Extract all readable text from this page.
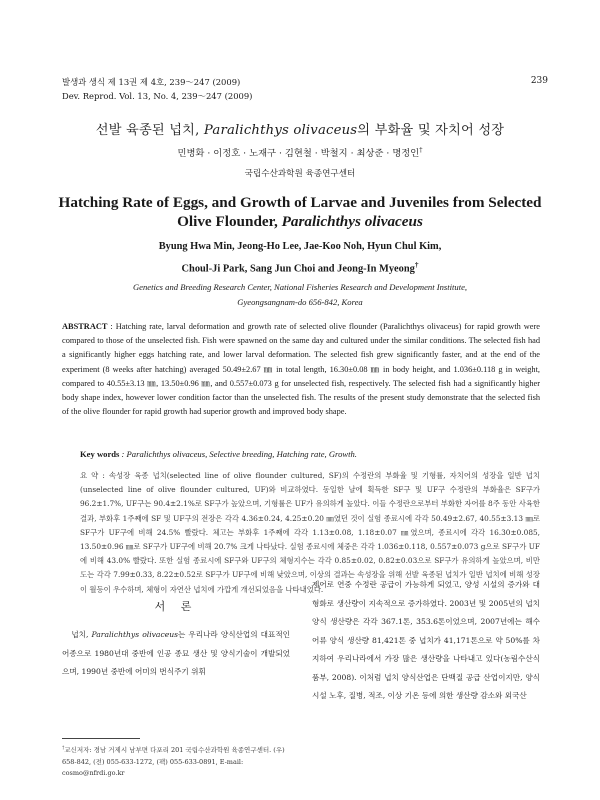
발생과 생식 제 13권 제 4호, 239～247 (2009)
Dev. Reprod. Vol. 13, No. 4, 239～247 (2009)
239
선발 육종된 넙치, Paralichthys olivaceus의 부화율 및 자치어 성장
민병화 · 이정호 · 노재구 · 김현철 · 박철지 · 최상준 · 명정인†
국립수산과학원 육종연구센터
Hatching Rate of Eggs, and Growth of Larvae and Juveniles from Selected
Olive Flounder, Paralichthys olivaceus
Byung Hwa Min, Jeong-Ho Lee, Jae-Koo Noh, Hyun Chul Kim,
Choul-Ji Park, Sang Jun Choi and Jeong-In Myeong†
Genetics and Breeding Research Center, National Fisheries Research and Development Institute,
Gyeongsangnam-do 656-842, Korea
ABSTRACT : Hatching rate, larval deformation and growth rate of selected olive flounder (Paralichthys olivaceus) for rapid growth were compared to those of the unselected fish. Fish were spawned on the same day and cultured under the similar conditions. The selected fish had a significantly higher eggs hatching rate, and lower larval deformation. The selected fish grew significantly faster, and at the end of the experiment (8 weeks after hatching) averaged 50.49±2.67 ㎜ in total length, 16.30±0.08 ㎜ in body height, and 1.036±0.118 g in weight, compared to 40.55±3.13 ㎜, 13.50±0.96 ㎜, and 0.557±0.073 g for unselected fish, respectively. The selected fish had a significantly higher body shape index, however lower condition factor than the unselected fish. The results of the present study demonstrate that the selected fish of the olive flounder for rapid growth had superior growth and improved body shape.
Key words : Paralichthys olivaceus, Selective breeding, Hatching rate, Growth.
요 약 : 속성장 육종 넙치(selected line of olive flounder cultured, SF)의 수정란의 부화율 및 기형률, 자치어의 성장을 일반 넙치(unselected line of olive flounder cultured, UF)와 비교하였다. 동일한 날에 획득한 SF구 및 UF구 수정란의 부화율은 SF구가 96.2±1.7%, UF구는 90.4±2.1%로 SF구가 높았으며, 기형률은 UF가 유의하게 높았다. 이들 수정란으로부터 부화한 자어를 8주 동안 사육한 결과, 부화후 1주째에 SF 및 UF구의 전장은 각각 4.36±0.24, 4.25±0.20 ㎜였던 것이 실험 종료시에 각각 50.49±2.67, 40.55±3.13 ㎜로 SF구가 UF구에 비해 24.5% 빨랐다. 체고는 부화후 1주째에 각각 1.13±0.08, 1.18±0.07 ㎜였으며, 종료시에 각각 16.30±0.085, 13.50±0.96 ㎜로 SF구가 UF구에 비해 20.7% 크게 나타났다. 실험 종료시에 체중은 각각 1.036±0.118, 0.557±0.073 g으로 SF구가 UF에 비해 43.0% 빨랐다. 또한 실험 종료시에 SF구와 UF구의 체형지수는 각각 0.85±0.02, 0.82±0.03으로 SF구가 유의하게 높았으며, 비만도는 각각 7.99±0.33, 8.22±0.52로 SF구가 UF구에 비해 낮았으며, 이상의 결과는 속성장을 위해 선발 육종된 넙치가 일반 넙치에 비해 성장이 월등이 우수하며, 체형이 자연산 넙치에 가깝게 개선되었음을 나타내었다.
서 론
넙치, Paralichthys olivaceus는 우리나라 양식산업의 대표적인 어종으로 1980년대 중반에 인공 종묘 생산 및 양식기술이 개발되었으며, 1990년 중반에 어미의 번식주기 위휘
제어로 연중 수정란 공급이 가능하게 되었고, 양성 시설의 증가와 대형화로 생산량이 지속적으로 증가하였다. 2003년 및 2005년의 넙치 양식 생산량은 각각 367.1톤, 353.6톤이었으며, 2007년에는 해수어류 양식 생산량 81,421톤 중 넙치가 41,171톤으로 약 50%를 차지하여 우리나라에서 가장 많은 생산량을 나타내고 있다(농림수산식품부, 2008). 이처럼 넙치 양식산업은 단백질 공급 산업이지만, 양식 시설 노후, 질병, 적조, 이상 기온 등에 의한 생산량 감소와 외국산
†교신저자: 경남 거제시 남부면 다포리 201 국립수산과학원 육종연구센터. (우) 658-842, (전) 055-633-1272, (팩) 055-633-0891, E-mail: cosmo@nfrdi.go.kr
